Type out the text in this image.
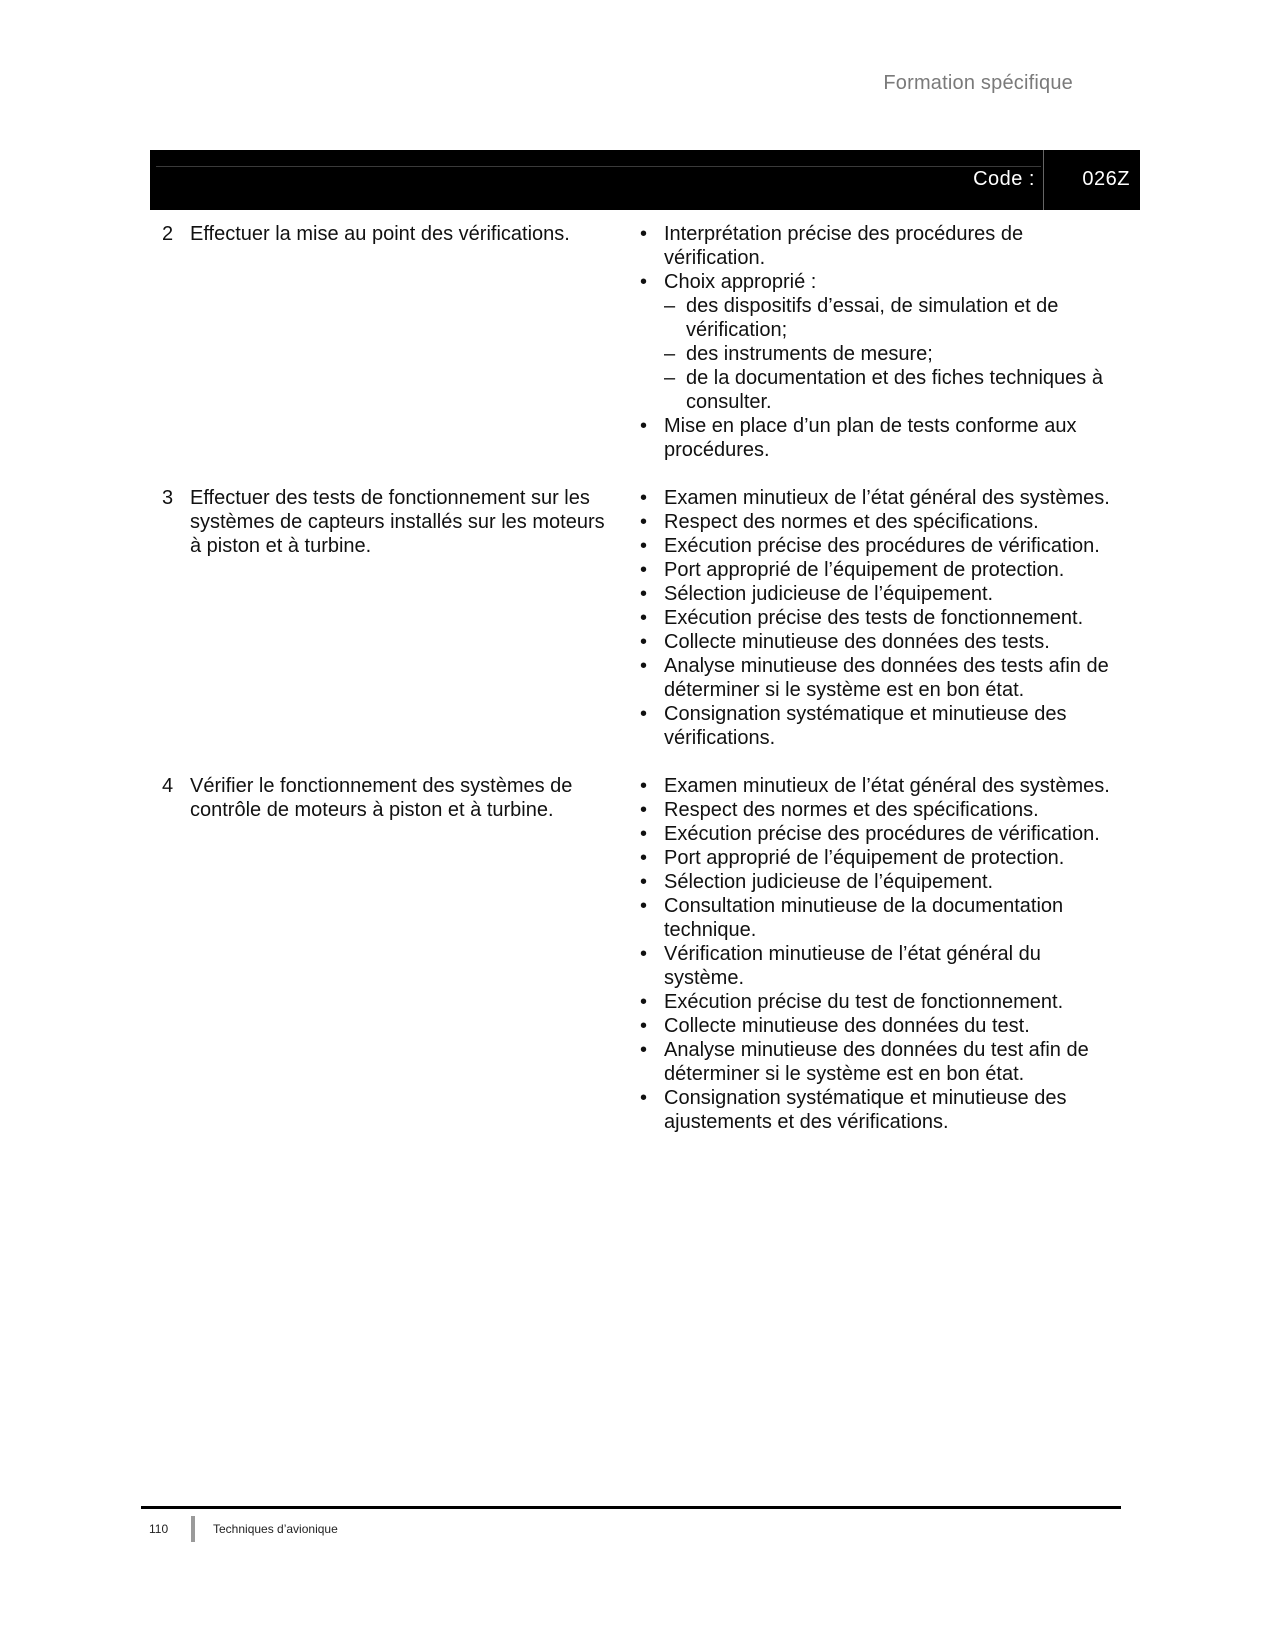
Formation spécifique
Code : 026Z
2 Effectuer la mise au point des vérifications.	• Interprétation précise des procédures de vérification.
• Choix approprié :
– des dispositifs d’essai, de simulation et de vérification;
– des instruments de mesure;
– de la documentation et des fiches techniques à consulter.
• Mise en place d’un plan de tests conforme aux procédures.
3 Effectuer des tests de fonctionnement sur les systèmes de capteurs installés sur les moteurs à piston et à turbine.
• Examen minutieux de l’état général des systèmes.
• Respect des normes et des spécifications.
• Exécution précise des procédures de vérification.
• Port approprié de l’équipement de protection.
• Sélection judicieuse de l’équipement.
• Exécution précise des tests de fonctionnement.
• Collecte minutieuse des données des tests.
• Analyse minutieuse des données des tests afin de déterminer si le système est en bon état.
• Consignation systématique et minutieuse des vérifications.
4 Vérifier le fonctionnement des systèmes de contrôle de moteurs à piston et à turbine.
• Examen minutieux de l’état général des systèmes.
• Respect des normes et des spécifications.
• Exécution précise des procédures de vérification.
• Port approprié de l’équipement de protection.
• Sélection judicieuse de l’équipement.
• Consultation minutieuse de la documentation technique.
• Vérification minutieuse de l’état général du système.
• Exécution précise du test de fonctionnement.
• Collecte minutieuse des données du test.
• Analyse minutieuse des données du test afin de déterminer si le système est en bon état.
• Consignation systématique et minutieuse des ajustements et des vérifications.
110	Techniques d’avionique
